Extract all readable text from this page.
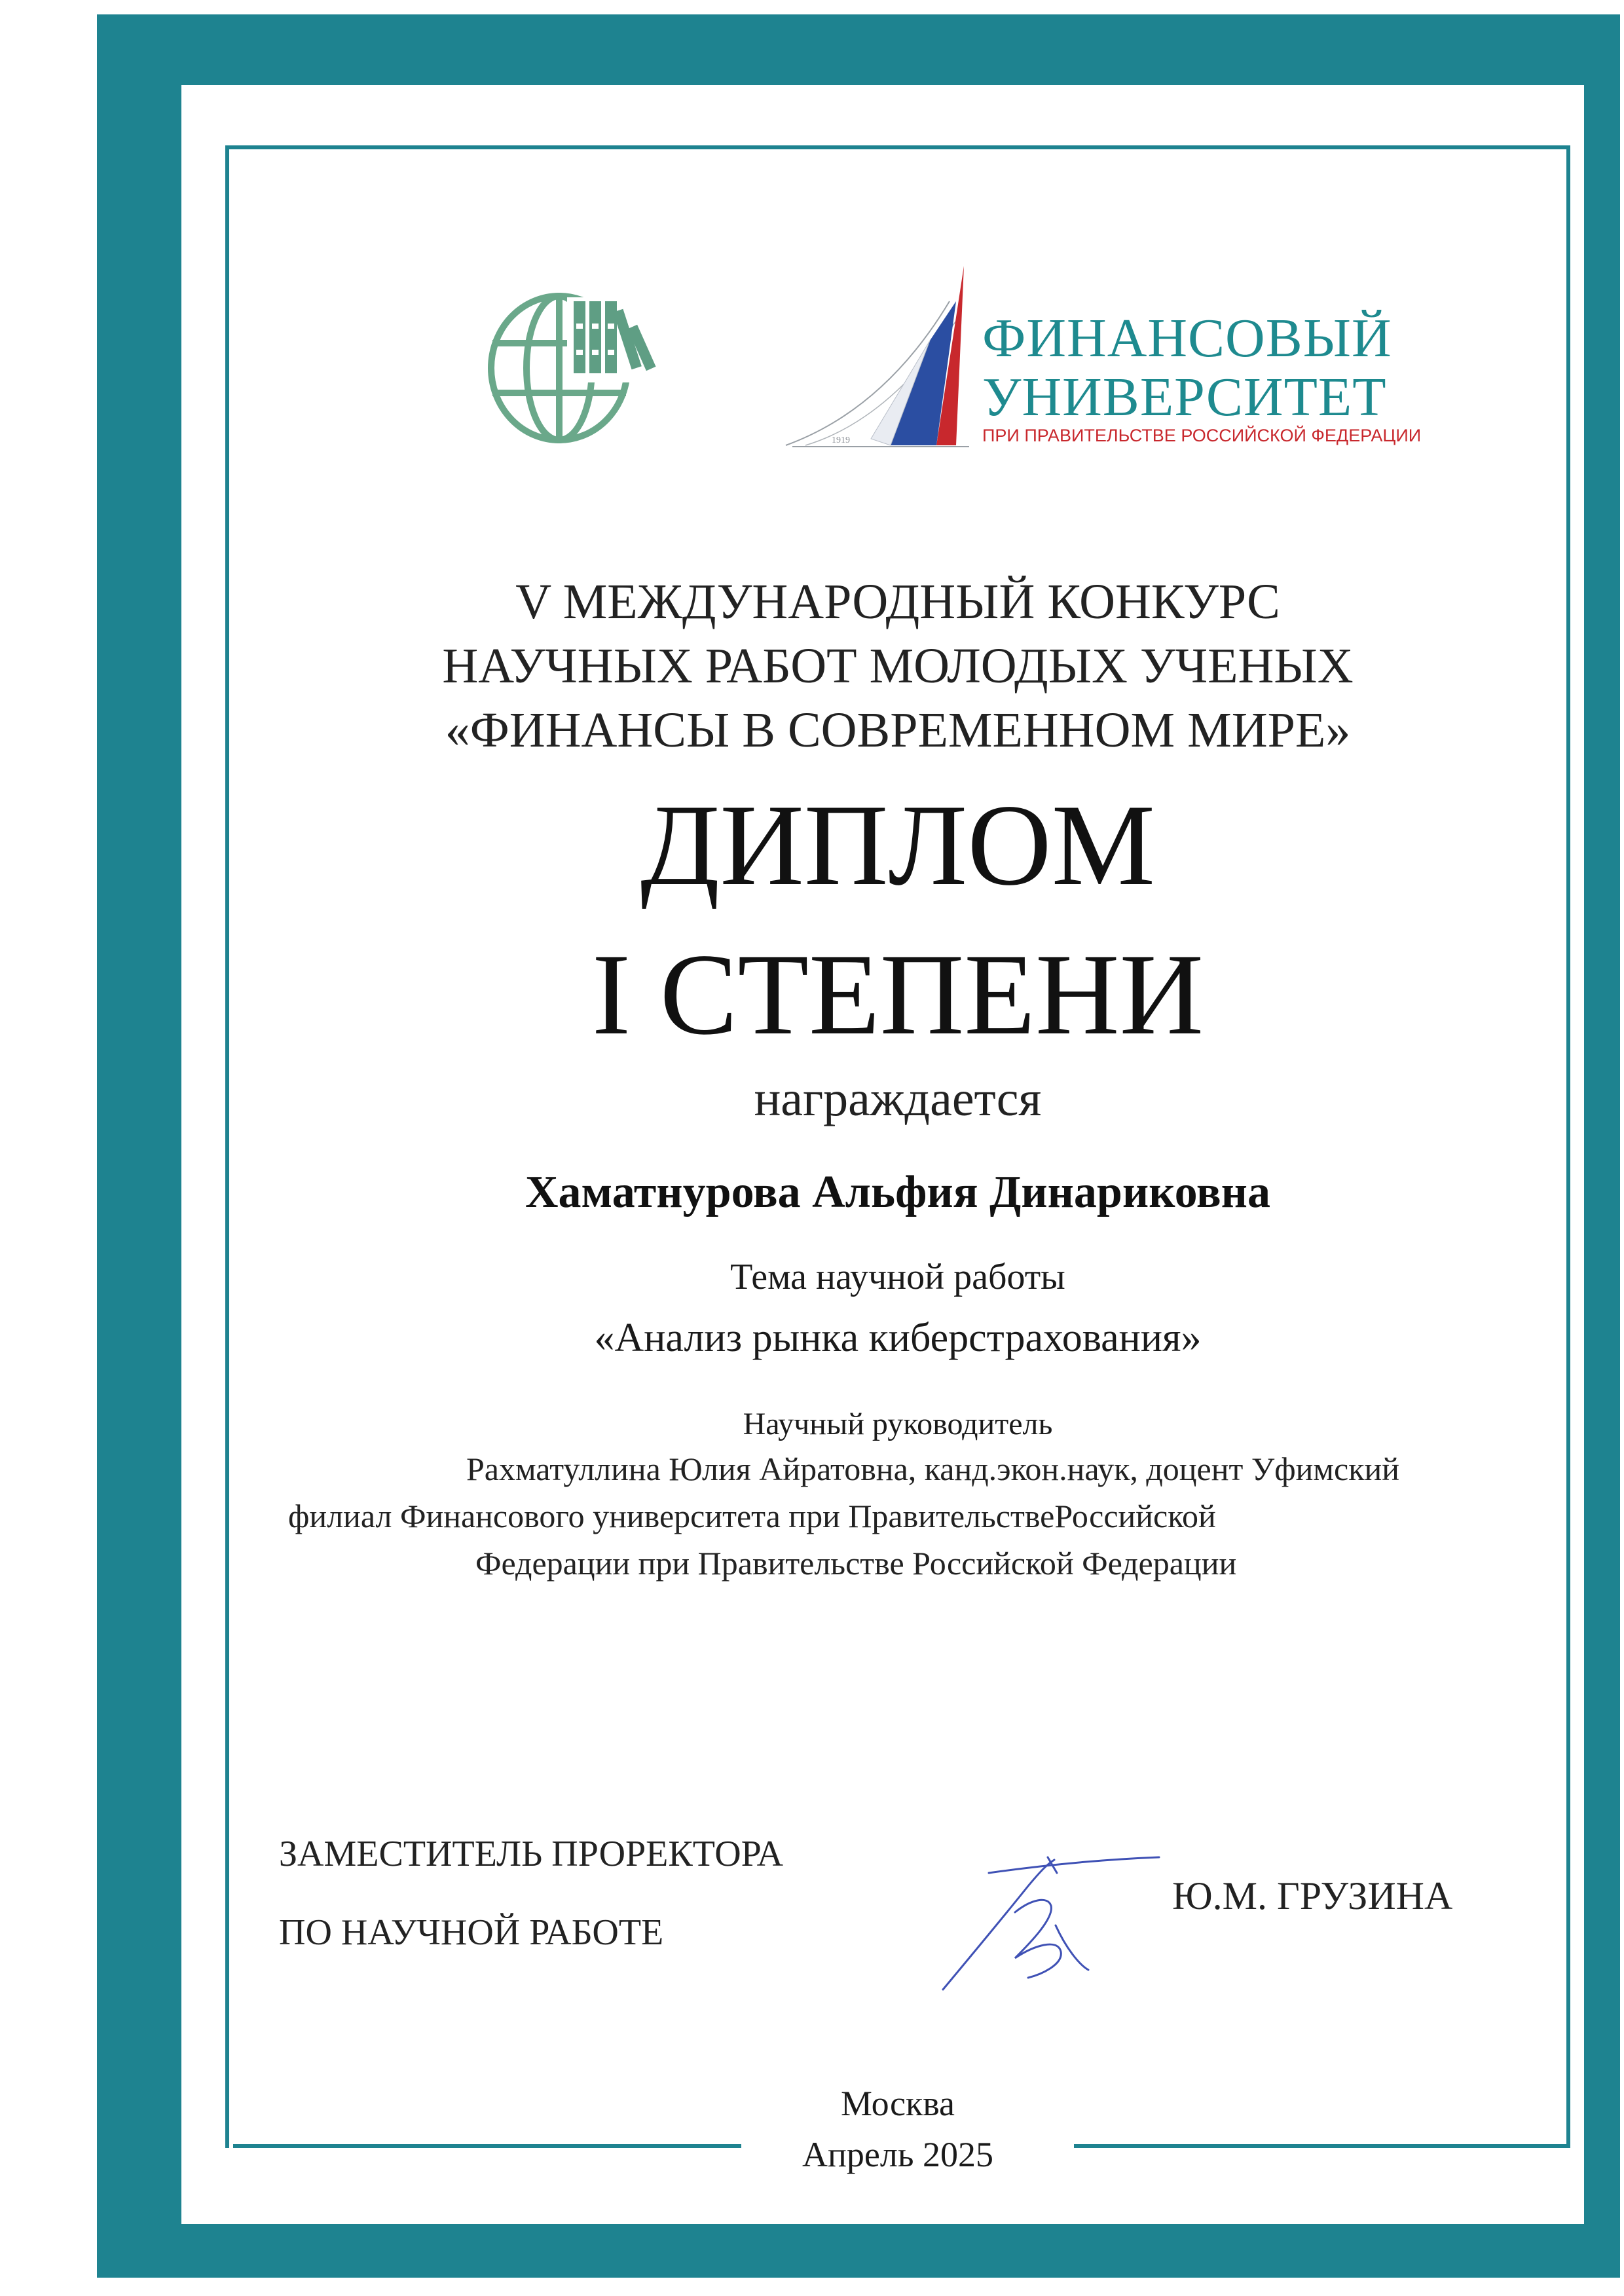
1919
ФИНАНСОВЫЙ
УНИВЕРСИТЕТ
ПРИ ПРАВИТЕЛЬСТВЕ РОССИЙСКОЙ ФЕДЕРАЦИИ
V МЕЖДУНАРОДНЫЙ КОНКУРС
НАУЧНЫХ РАБОТ МОЛОДЫХ УЧЕНЫХ
«ФИНАНСЫ В СОВРЕМЕННОМ МИРЕ»
ДИПЛОМ
I СТЕПЕНИ
награждается
Хаматнурова Альфия Динариковна
Тема научной работы
«Анализ рынка киберстрахования»
Научный руководитель
Рахматуллина Юлия Айратовна, канд.экон.наук, доцент Уфимский
филиал Финансового университета при ПравительствеРоссийской
Федерации при Правительстве Российской Федерации
ЗАМЕСТИТЕЛЬ ПРОРЕКТОРА
ПО НАУЧНОЙ РАБОТЕ
Ю.М. ГРУЗИНА
Москва
Апрель 2025
